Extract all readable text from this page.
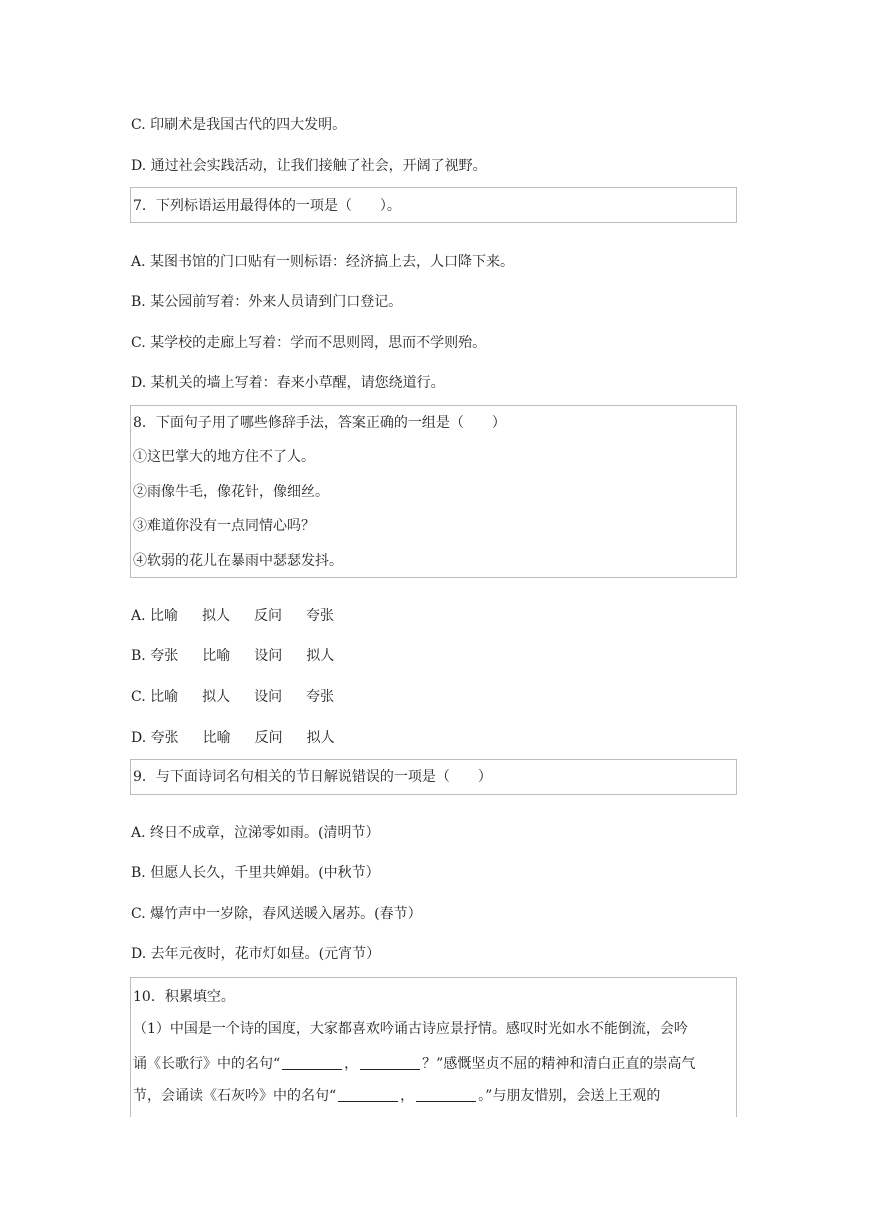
C. 印刷术是我国古代的四大发明。
D. 通过社会实践活动，让我们接触了社会，开阔了视野。
7．下列标语运用最得体的一项是（　　）。
A. 某图书馆的门口贴有一则标语：经济搞上去，人口降下来。
B. 某公园前写着：外来人员请到门口登记。
C. 某学校的走廊上写着：学而不思则罔，思而不学则殆。
D. 某机关的墙上写着：春来小草醒，请您绕道行。
8．下面句子用了哪些修辞手法，答案正确的一组是（　　）
①这巴掌大的地方住不了人。
②雨像牛毛，像花针，像细丝。
③难道你没有一点同情心吗？
④软弱的花儿在暴雨中瑟瑟发抖。
A. 比喻 拟人 反问 夸张
B. 夸张 比喻 设问 拟人
C. 比喻 拟人 设问 夸张
D. 夸张 比喻 反问 拟人
9．与下面诗词名句相关的节日解说错误的一项是（　　）
A. 终日不成章，泣涕零如雨。(清明节）
B. 但愿人长久，千里共婵娟。(中秋节）
C. 爆竹声中一岁除，春风送暖入屠苏。(春节）
D. 去年元夜时，花市灯如昼。(元宵节）
10．积累填空。
（1）中国是一个诗的国度，大家都喜欢吟诵古诗应景抒情。感叹时光如水不能倒流，会吟
诵《长歌行》中的名句“	，	？”感慨坚贞不屈的精神和清白正直的崇高气
节，会诵读《石灰吟》中的名句“	，	。”与朋友惜别，会送上王观的
